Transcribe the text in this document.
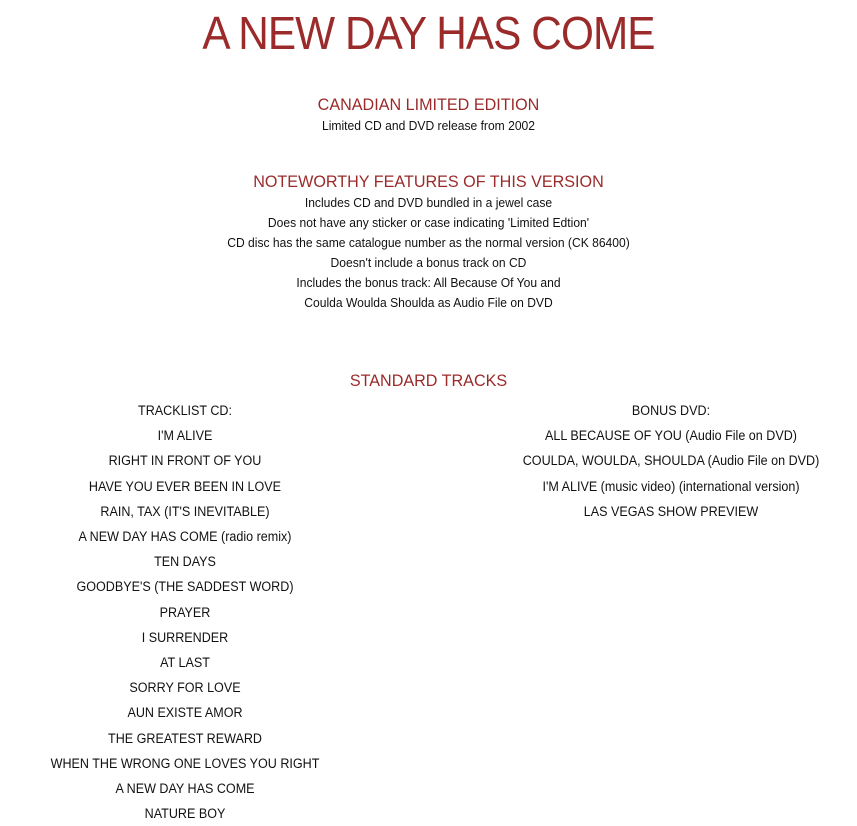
A NEW DAY HAS COME
CANADIAN LIMITED EDITION
Limited CD and DVD release from 2002
NOTEWORTHY FEATURES OF THIS VERSION
Includes CD and DVD bundled in a jewel case
Does not have any sticker or case indicating 'Limited Edtion'
CD disc has the same catalogue number as the normal version (CK 86400)
Doesn't include a bonus track on CD
Includes the bonus track: All Because Of You and
Coulda Woulda Shoulda as Audio File on DVD
STANDARD TRACKS
TRACKLIST CD:
I'M ALIVE
RIGHT IN FRONT OF YOU
HAVE YOU EVER BEEN IN LOVE
RAIN, TAX (IT'S INEVITABLE)
A NEW DAY HAS COME (radio remix)
TEN DAYS
GOODBYE'S (THE SADDEST WORD)
PRAYER
I SURRENDER
AT LAST
SORRY FOR LOVE
AUN EXISTE AMOR
THE GREATEST REWARD
WHEN THE WRONG ONE LOVES YOU RIGHT
A NEW DAY HAS COME
NATURE BOY
BONUS DVD:
ALL BECAUSE OF YOU (Audio File on DVD)
COULDA, WOULDA, SHOULDA (Audio File on DVD)
I'M ALIVE (music video) (international version)
LAS VEGAS SHOW PREVIEW
